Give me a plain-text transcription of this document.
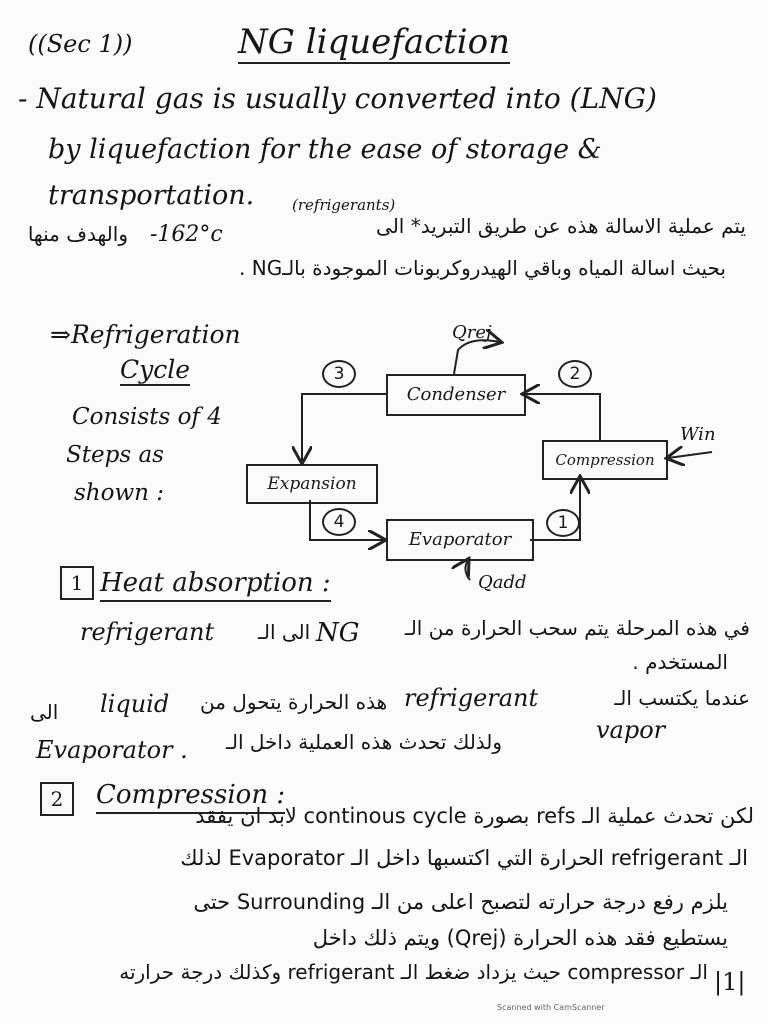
((Sec 1))	NG liquefaction
- Natural gas is usually converted into (LNG)
by liquefaction for the ease of storage &
transportation.	(refrigerants)
يتم عملية الاسالة هذه عن طريق التبريد* الى
-162°c
والهدف منها
بحيث اسالة المياه وباقي الهيدروكربونات الموجودة بالـNG .
⇒Refrigeration
Cycle
Consists of 4
Steps as
shown :
Condenser
Compression
Expansion
Evaporator
3	2
4	1
Qrej
Win
Qadd
1 Heat absorption :
refrigerant الى الـ NG في هذه المرحلة يتم سحب الحرارة من الـ
المستخدم .
الى liquid هذه الحرارة يتحول من refrigerant	عندما يكتسب الـ
Evaporator . ولذلك تحدث هذه العملية داخل الـ	vapor
2	Compression :
لكن تحدث عملية الـ refs بصورة continous cycle لابد ان يفقد
الـ refrigerant الحرارة التي اكتسبها داخل الـ Evaporator لذلك
يلزم رفع درجة حرارته لتصبح اعلى من الـ Surrounding حتى
يستطيع فقد هذه الحرارة (Qrej) ويتم ذلك داخل
الـ compressor حيث يزداد ضغط الـ refrigerant وكذلك درجة حرارته |1|
Scanned with CamScanner
